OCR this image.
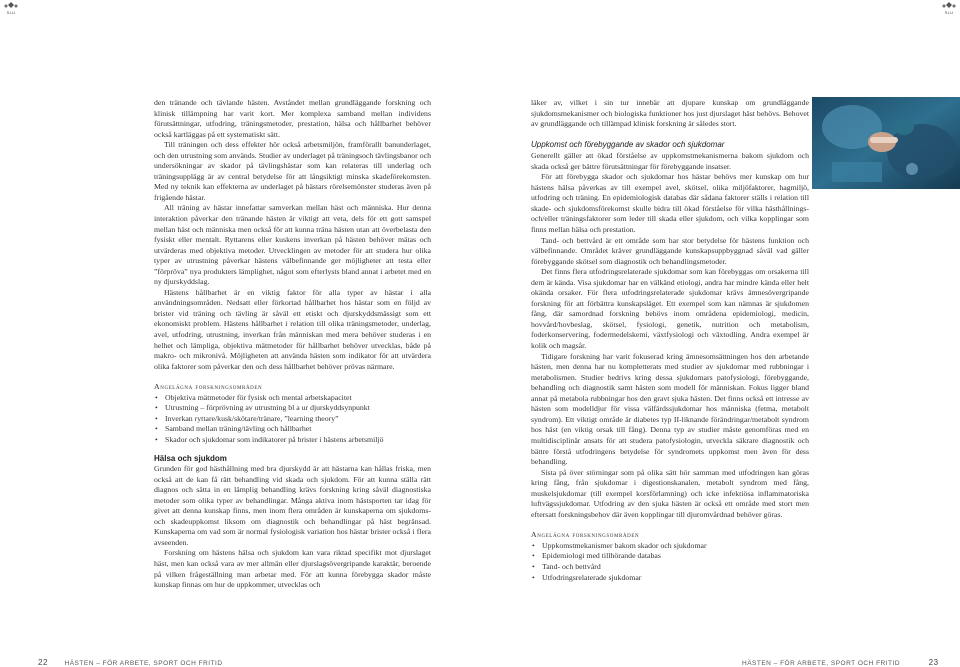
SLU	SLU

den tränande och tävlande hästen. Avståndet mellan grundläggande forskning och klinisk tillämpning har varit kort. Mer komplexa samband mellan individens förutsättningar, utfodring, träningsmetoder, prestation, hälsa och hållbarhet behöver också kartläggas på ett systematiskt sätt.

Till träningen och dess effekter hör också arbetsmiljön, framförallt banunderlaget, och den utrustning som används. Studier av underlaget på träningsoch tävlingsbanor och undersökningar av skador på tävlingshästar som kan relateras till underlag och träningsupplägg är av central betydelse för att långsiktigt minska skadeförekomsten. Med ny teknik kan effekterna av underlaget på hästars rörelsemönster studeras även på frigående hästar.

All träning av hästar innefattar samverkan mellan häst och människa. Hur denna interaktion påverkar den tränande hästen är viktigt att veta, dels för ett gott samspel mellan häst och människa men också för att kunna träna hästen utan att överbelasta den fysiskt eller mentalt. Ryttarens eller kuskens inverkan på hästen behöver mätas och utvärderas med objektiva metoder. Utvecklingen av metoder för att studera hur olika typer av utrustning påverkar hästens välbefinnande ger möjligheter att testa eller ”förpröva” nya produkters lämplighet, något som efterlysts bland annat i arbetet med en ny djurskyddslag.

Hästens hållbarhet är en viktig faktor för alla typer av hästar i alla användningsområden. Nedsatt eller förkortad hållbarhet hos hästar som en följd av brister vid träning och tävling är såväl ett etiskt och djurskyddsmässigt som ett ekonomiskt problem. Hästens hållbarhet i relation till olika träningsmetoder, underlag, avel, utfodring, utrustning, inverkan från människan med mera behöver studeras i en helhet och lämpliga, objektiva mätmetoder för hållbarhet behöver utvecklas, både på makro- och mikronivå. Möjligheten att använda hästen som indikator för att utvärdera olika faktorer som påverkar den och dess hållbarhet behöver prövas närmare.

Angelägna forskningsområden

• Objektiva mätmetoder för fysisk och mental arbetskapacitet
• Utrustning – förprövning av utrustning bl a ur djurskyddsynpunkt
• Inverkan ryttare/kusk/skötare/tränare, ”learning theory”
• Samband mellan träning/tävling och hållbarhet
• Skador och sjukdomar som indikatorer på brister i hästens arbetsmiljö

Hälsa och sjukdom

Grunden för god hästhållning med bra djurskydd är att hästarna kan hållas friska, men också att de kan få rätt behandling vid skada och sjukdom. För att kunna ställa rätt diagnos och sätta in en lämplig behandling krävs forskning kring såväl diagnostiska metoder som olika typer av behandlingar. Många aktiva inom hästsporten tar idag för givet att denna kunskap finns, men inom flera områden är kunskaperna om sjukdoms- och skadeuppkomst liksom om diagnostik och behandlingar på häst begränsad. Kunskaperna om vad som är normal fysiologisk variation hos hästar brister också i flera avseenden.

Forskning om hästens hälsa och sjukdom kan vara riktad specifikt mot djurslaget häst, men kan också vara av mer allmän eller djurslagsövergripande karaktär, beroende på vilken frågeställning man arbetar med. För att kunna förebygga skador måste kunskap finnas om hur de uppkommer, utvecklas och

läker av, vilket i sin tur innebär att djupare kunskap om grundläggande sjukdomsmekanismer och biologiska funktioner hos just djurslaget häst behövs. Behovet av grundläggande och tillämpad klinisk forskning är således stort.

Uppkomst och förebyggande av skador och sjukdomar

Generellt gäller att ökad förståelse av uppkomstmekanismerna bakom sjukdom och skada också ger bättre förutsättningar för förebyggande insatser.

För att förebygga skador och sjukdomar hos hästar behövs mer kunskap om hur hästens hälsa påverkas av till exempel avel, skötsel, olika miljöfaktorer, hagmiljö, utfodring och träning. En epidemiologisk databas där sådana faktorer ställs i relation till skade- och sjukdomsförekomst skulle bidra till ökad förståelse för vilka hästhållnings- och/eller träningsfaktorer som leder till skada eller sjukdom, och vilka kopplingar som finns mellan hälsa och prestation.

Tand- och bettvård är ett område som har stor betydelse för hästens funktion och välbefinnande. Området kräver grundläggande kunskapsuppbyggnad såväl vad gäller förebyggande skötsel som diagnostik och behandlingsmetoder.

Det finns flera utfodringsrelaterade sjukdomar som kan förebyggas om orsakerna till dem är kända. Visa sjukdomar har en välkänd etiologi, andra har mindre kända eller helt okända orsaker. För flera utfodringsrelaterade sjukdomar krävs ämnesövergripande forskning för att förbättra kunskapsläget. Ett exempel som kan nämnas är sjukdomen fång, där samordnad forskning behövs inom områdena epidemiologi, medicin, hovvård/hovbeslag, skötsel, fysiologi, genetik, nutrition och metabolism, foderkonservering, fodermedelskemi, växtfysiologi och växtodling. Andra exempel är kolik och magsår.

Tidigare forskning har varit fokuserad kring ämnesomsättningen hos den arbetande hästen, men denna har nu kompletterats med studier av sjukdomar med rubbningar i metabolismen. Studier bedrivs kring dessa sjukdomars patofysiologi, förebyggande, behandling och diagnostik samt hästen som modell för människan. Fokus ligger bland annat på metabola rubbningar hos den gravt sjuka hästen. Det finns också ett intresse av hästen som modelldjur för vissa välfärdssjukdomar hos människa (fetma, metabolt syndrom). Ett viktigt område är diabetes typ II-liknande förändringar/metabolt syndrom hos häst (en viktig orsak till fång). Denna typ av studier måste genomföras med en multidisciplinär ansats för att studera patofysiologin, utveckla säkrare diagnostik och bättre förstå utfodringens betydelse för syndromets uppkomst men även för dess behandling.

Sista på över störningar som på olika sätt hör samman med utfodringen kan göras kring fång, från sjukdomar i digestionskanalen, metabolt syndrom med fång, muskelsjukdomar (till exempel korsförlamning) och icke infektiösa inflammatoriska luftvägssjukdomar. Utfodring av den sjuka hästen är också ett område med stort men eftersatt forskningsbehov där även kopplingar till djuromvårdnad behöver göras.

Angelägna forskningsområden

• Uppkomstmekanismer bakom skador och sjukdomar
• Epidemiologi med tillhörande databas
• Tand- och bettvård
• Utfodringsrelaterade sjukdomar
22	HÄSTEN – FÖR ARBETE, SPORT OCH FRITID	HÄSTEN – FÖR ARBETE, SPORT OCH FRITID	23
